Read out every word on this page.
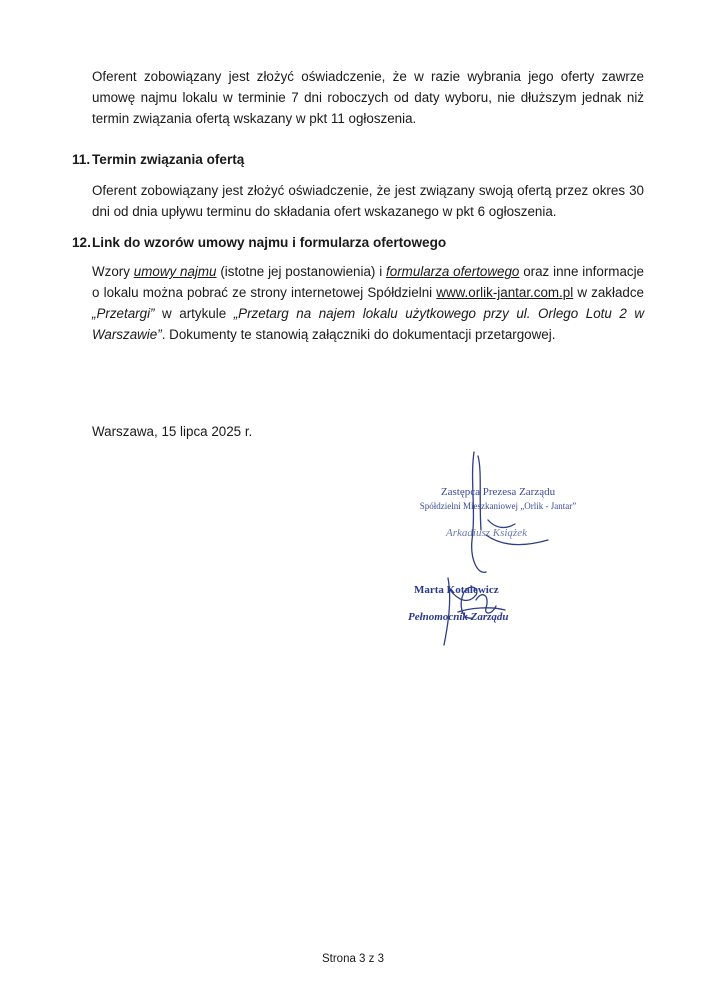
Oferent zobowiązany jest złożyć oświadczenie, że w razie wybrania jego oferty zawrze umowę najmu lokalu w terminie 7 dni roboczych od daty wyboru, nie dłuższym jednak niż termin związania ofertą wskazany w pkt 11 ogłoszenia.

11. Termin związania ofertą

Oferent zobowiązany jest złożyć oświadczenie, że jest związany swoją ofertą przez okres 30 dni od dnia upływu terminu do składania ofert wskazanego w pkt 6 ogłoszenia.

12.Link do wzorów umowy najmu i formularza ofertowego

Wzory umowy najmu (istotne jej postanowienia) i formularza ofertowego oraz inne informacje o lokalu można pobrać ze strony internetowej Spółdzielni www.orlik-jantar.com.pl w zakładce „Przetargi” w artykule „Przetarg na najem lokalu użytkowego przy ul. Orlego Lotu 2 w Warszawie”. Dokumenty te stanowią załączniki do dokumentacji przetargowej.

Warszawa, 15 lipca 2025 r.
Zastępca Prezesa Zarządu
Spółdzielni Mieszkaniowej „Orlik - Jantar”
Arkadiusz Książek
Marta Kotalewicz
Pełnomocnik Zarządu
Strona 3 z 3
